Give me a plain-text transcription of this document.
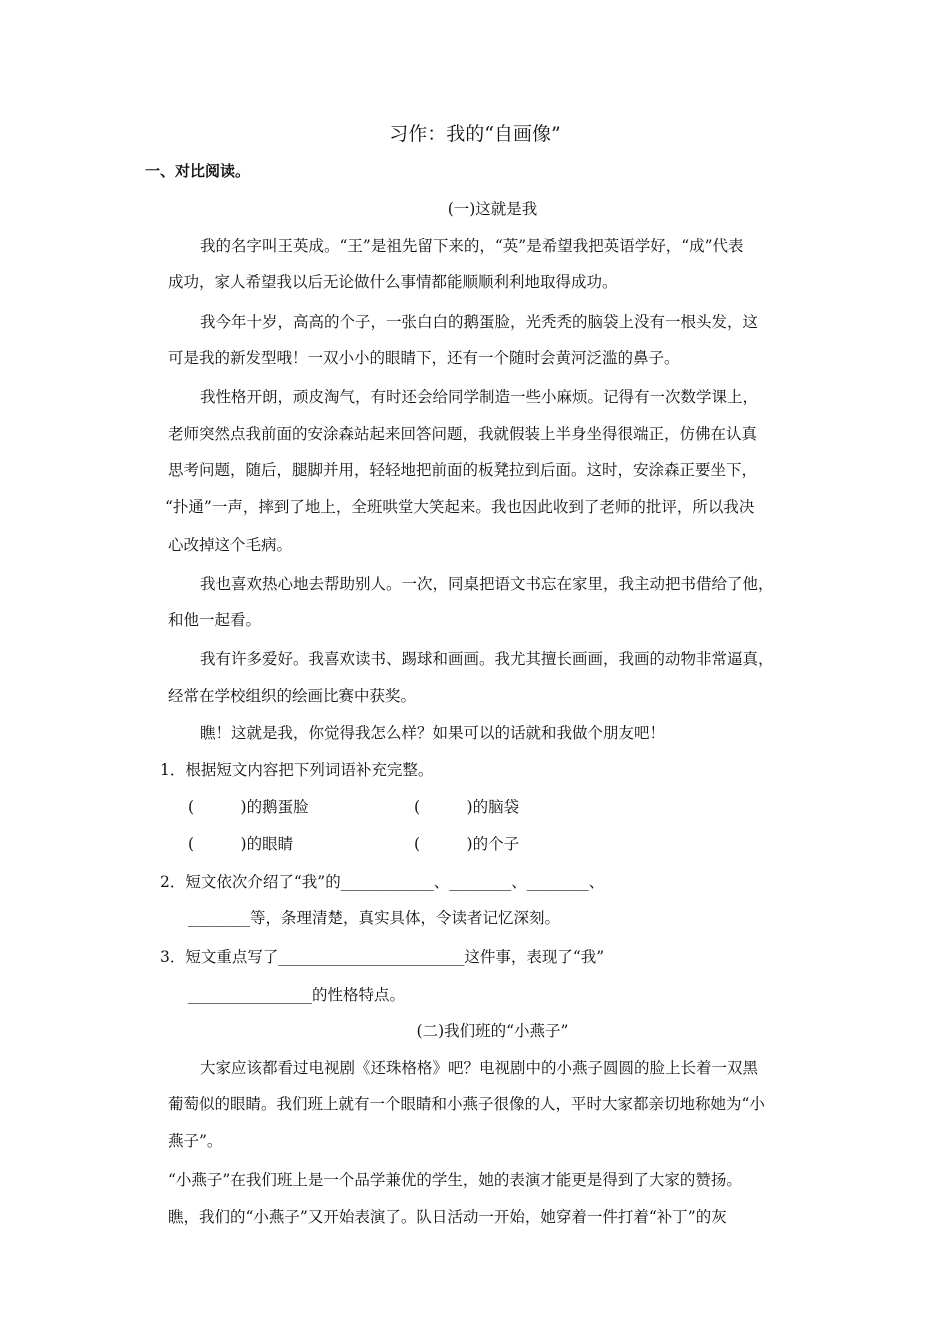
习作：我的“自画像”
一、对比阅读。
(一)这就是我
我的名字叫王英成。“王”是祖先留下来的，“英”是希望我把英语学好，“成”代表
成功，家人希望我以后无论做什么事情都能顺顺利利地取得成功。
我今年十岁，高高的个子，一张白白的鹅蛋脸，光秃秃的脑袋上没有一根头发，这
可是我的新发型哦！一双小小的眼睛下，还有一个随时会黄河泛滥的鼻子。
我性格开朗，顽皮淘气，有时还会给同学制造一些小麻烦。记得有一次数学课上，
老师突然点我前面的安涂森站起来回答问题，我就假装上半身坐得很端正，仿佛在认真
思考问题，随后，腿脚并用，轻轻地把前面的板凳拉到后面。这时，安涂森正要坐下，
“扑通”一声，摔到了地上，全班哄堂大笑起来。我也因此收到了老师的批评，所以我决
心改掉这个毛病。
我也喜欢热心地去帮助别人。一次，同桌把语文书忘在家里，我主动把书借给了他，
和他一起看。
我有许多爱好。我喜欢读书、踢球和画画。我尤其擅长画画，我画的动物非常逼真，
经常在学校组织的绘画比赛中获奖。
瞧！这就是我，你觉得我怎么样？如果可以的话就和我做个朋友吧！
1．根据短文内容把下列词语补充完整。
(　　　)的鹅蛋脸	(　　　)的脑袋
(　　　)的眼睛	(　　　)的个子
2．短文依次介绍了“我”的____________、________、________、
________等，条理清楚，真实具体，令读者记忆深刻。
3．短文重点写了________________________这件事，表现了“我”
________________的性格特点。
(二)我们班的“小燕子”
大家应该都看过电视剧《还珠格格》吧？电视剧中的小燕子圆圆的脸上长着一双黑
葡萄似的眼睛。我们班上就有一个眼睛和小燕子很像的人，平时大家都亲切地称她为“小
燕子”。
“小燕子”在我们班上是一个品学兼优的学生，她的表演才能更是得到了大家的赞扬。
瞧，我们的“小燕子”又开始表演了。队日活动一开始，她穿着一件打着“补丁”的灰
